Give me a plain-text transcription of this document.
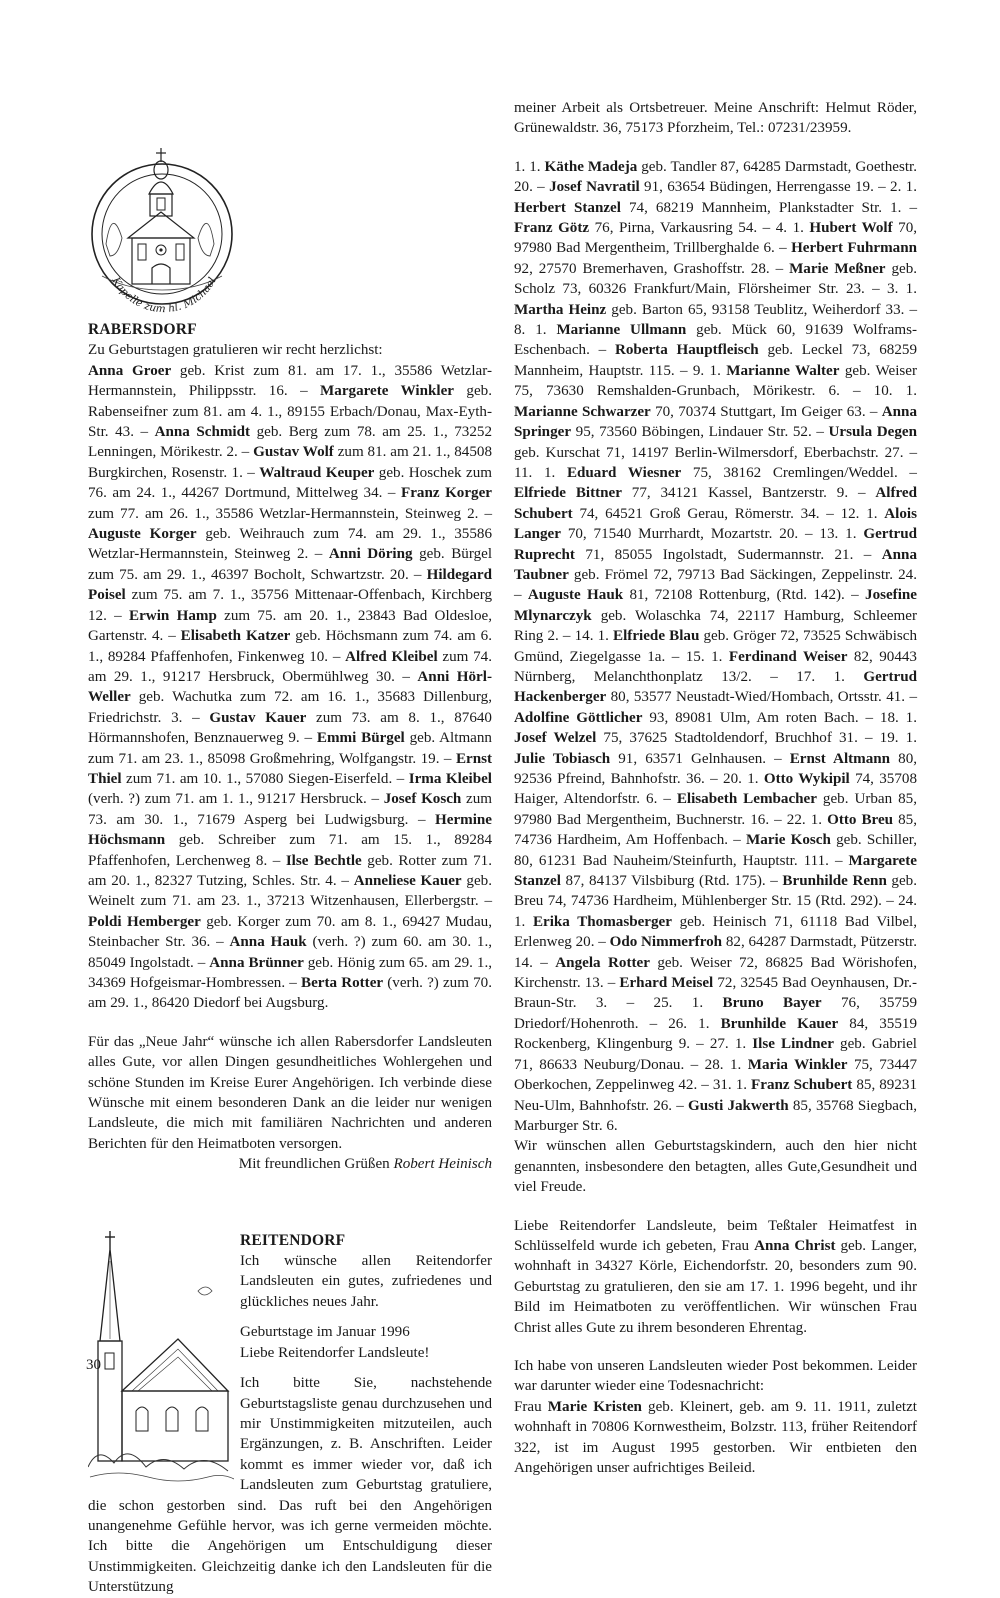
Kapelle zum hl. Michael

RABERSDORF
Zu Geburtstagen gratulieren wir recht herzlichst:
Anna Groer geb. Krist zum 81. am 17. 1., 35586 Wetzlar-Hermannstein, Philippsstr. 16. – Margarete Winkler geb. Rabenseifner zum 81. am 4. 1., 89155 Erbach/Donau, Max-Eyth-Str. 43. – Anna Schmidt geb. Berg zum 78. am 25. 1., 73252 Lenningen, Mörikestr. 2. – Gustav Wolf zum 81. am 21. 1., 84508 Burgkirchen, Rosenstr. 1. – Waltraud Keuper geb. Hoschek zum 76. am 24. 1., 44267 Dortmund, Mittelweg 34. – Franz Korger zum 77. am 26. 1., 35586 Wetzlar-Hermannstein, Steinweg 2. – Auguste Korger geb. Weihrauch zum 74. am 29. 1., 35586 Wetzlar-Hermannstein, Steinweg 2. – Anni Döring geb. Bürgel zum 75. am 29. 1., 46397 Bocholt, Schwartzstr. 20. – Hildegard Poisel zum 75. am 7. 1., 35756 Mittenaar-Offenbach, Kirchberg 12. – Erwin Hamp zum 75. am 20. 1., 23843 Bad Oldesloe, Gartenstr. 4. – Elisabeth Katzer geb. Höchsmann zum 74. am 6. 1., 89284 Pfaffenhofen, Finkenweg 10. – Alfred Kleibel zum 74. am 29. 1., 91217 Hersbruck, Obermühlweg 30. – Anni Hörl-Weller geb. Wachutka zum 72. am 16. 1., 35683 Dillenburg, Friedrichstr. 3. – Gustav Kauer zum 73. am 8. 1., 87640 Hörmannshofen, Benznauerweg 9. – Emmi Bürgel geb. Altmann zum 71. am 23. 1., 85098 Großmehring, Wolfgangstr. 19. – Ernst Thiel zum 71. am 10. 1., 57080 Siegen-Eiserfeld. – Irma Kleibel (verh. ?) zum 71. am 1. 1., 91217 Hersbruck. – Josef Kosch zum 73. am 30. 1., 71679 Asperg bei Ludwigsburg. – Hermine Höchsmann geb. Schreiber zum 71. am 15. 1., 89284 Pfaffenhofen, Lerchenweg 8. – Ilse Bechtle geb. Rotter zum 71. am 20. 1., 82327 Tutzing, Schles. Str. 4. – Anneliese Kauer geb. Weinelt zum 71. am 23. 1., 37213 Witzenhausen, Ellerbergstr. – Poldi Hemberger geb. Korger zum 70. am 8. 1., 69427 Mudau, Steinbacher Str. 36. – Anna Hauk (verh. ?) zum 60. am 30. 1., 85049 Ingolstadt. – Anna Brünner geb. Hönig zum 65. am 29. 1., 34369 Hofgeismar-Hombressen. – Berta Rotter (verh. ?) zum 70. am 29. 1., 86420 Diedorf bei Augsburg.

Für das „Neue Jahr“ wünsche ich allen Rabersdorfer Landsleuten alles Gute, vor allen Dingen gesundheitliches Wohlergehen und schöne Stunden im Kreise Eurer Angehörigen. Ich verbinde diese Wünsche mit einem besonderen Dank an die leider nur wenigen Landsleute, die mich mit familiären Nachrichten und anderen Berichten für den Heimatboten versorgen.

Mit freundlichen Grüßen Robert Heinisch

REITENDORF

Ich wünsche allen Reitendorfer Landsleuten ein gutes, zufriedenes und glückliches neues Jahr.

Geburtstage im Januar 1996

Liebe Reitendorfer Landsleute!

Ich bitte Sie, nachstehende Geburtstagsliste genau durchzusehen und mir Unstimmigkeiten mitzuteilen, auch Ergänzungen, z. B. Anschriften. Leider kommt es immer wieder vor, daß ich Landsleuten zum Geburtstag gratuliere, die schon gestorben sind. Das ruft bei den Angehörigen unangenehme Gefühle hervor, was ich gerne vermeiden möchte. Ich bitte die Angehörigen um Entschuldigung dieser Unstimmigkeiten. Gleichzeitig danke ich den Landsleuten für die Unterstützung

meiner Arbeit als Ortsbetreuer. Meine Anschrift: Helmut Röder, Grünewaldstr. 36, 75173 Pforzheim, Tel.: 07231/23959.

1. 1. Käthe Madeja geb. Tandler 87, 64285 Darmstadt, Goethestr. 20. – Josef Navratil 91, 63654 Büdingen, Herrengasse 19. – 2. 1. Herbert Stanzel 74, 68219 Mannheim, Plankstadter Str. 1. – Franz Götz 76, Pirna, Varkausring 54. – 4. 1. Hubert Wolf 70, 97980 Bad Mergentheim, Trillberghalde 6. – Herbert Fuhrmann 92, 27570 Bremerhaven, Grashoffstr. 28. – Marie Meßner geb. Scholz 73, 60326 Frankfurt/Main, Flörsheimer Str. 23. – 3. 1. Martha Heinz geb. Barton 65, 93158 Teublitz, Weiherdorf 33. – 8. 1. Marianne Ullmann geb. Mück 60, 91639 Wolframs-Eschenbach. – Roberta Hauptfleisch geb. Leckel 73, 68259 Mannheim, Hauptstr. 115. – 9. 1. Marianne Walter geb. Weiser 75, 73630 Remshalden-Grunbach, Mörikestr. 6. – 10. 1. Marianne Schwarzer 70, 70374 Stuttgart, Im Geiger 63. – Anna Springer 95, 73560 Böbingen, Lindauer Str. 52. – Ursula Degen geb. Kurschat 71, 14197 Berlin-Wilmersdorf, Eberbachstr. 27. – 11. 1. Eduard Wiesner 75, 38162 Cremlingen/Weddel. – Elfriede Bittner 77, 34121 Kassel, Bantzerstr. 9. – Alfred Schubert 74, 64521 Groß Gerau, Römerstr. 34. – 12. 1. Alois Langer 70, 71540 Murrhardt, Mozartstr. 20. – 13. 1. Gertrud Ruprecht 71, 85055 Ingolstadt, Sudermannstr. 21. – Anna Taubner geb. Frömel 72, 79713 Bad Säckingen, Zeppelinstr. 24. – Auguste Hauk 81, 72108 Rottenburg, (Rtd. 142). – Josefine Mlynarczyk geb. Wolaschka 74, 22117 Hamburg, Schleemer Ring 2. – 14. 1. Elfriede Blau geb. Gröger 72, 73525 Schwäbisch Gmünd, Ziegelgasse 1a. – 15. 1. Ferdinand Weiser 82, 90443 Nürnberg, Melanchthonplatz 13/2. – 17. 1. Gertrud Hackenberger 80, 53577 Neustadt-Wied/Hombach, Ortsstr. 41. – Adolfine Göttlicher 93, 89081 Ulm, Am roten Bach. – 18. 1. Josef Welzel 75, 37625 Stadtoldendorf, Bruchhof 31. – 19. 1. Julie Tobiasch 91, 63571 Gelnhausen. – Ernst Altmann 80, 92536 Pfreind, Bahnhofstr. 36. – 20. 1. Otto Wykipil 74, 35708 Haiger, Altendorfstr. 6. – Elisabeth Lembacher geb. Urban 85, 97980 Bad Mergentheim, Buchnerstr. 16. – 22. 1. Otto Breu 85, 74736 Hardheim, Am Hoffenbach. – Marie Kosch geb. Schiller, 80, 61231 Bad Nauheim/Steinfurth, Hauptstr. 111. – Margarete Stanzel 87, 84137 Vilsbiburg (Rtd. 175). – Brunhilde Renn geb. Breu 74, 74736 Hardheim, Mühlenberger Str. 15 (Rtd. 292). – 24. 1. Erika Thomasberger geb. Heinisch 71, 61118 Bad Vilbel, Erlenweg 20. – Odo Nimmerfroh 82, 64287 Darmstadt, Pützerstr. 14. – Angela Rotter geb. Weiser 72, 86825 Bad Wörishofen, Kirchenstr. 13. – Erhard Meisel 72, 32545 Bad Oeynhausen, Dr.-Braun-Str. 3. – 25. 1. Bruno Bayer 76, 35759 Driedorf/Hohenroth. – 26. 1. Brunhilde Kauer 84, 35519 Rockenberg, Klingenburg 9. – 27. 1. Ilse Lindner geb. Gabriel 71, 86633 Neuburg/Donau. – 28. 1. Maria Winkler 75, 73447 Oberkochen, Zeppelinweg 42. – 31. 1. Franz Schubert 85, 89231 Neu-Ulm, Bahnhofstr. 26. – Gusti Jakwerth 85, 35768 Siegbach, Marburger Str. 6.

Wir wünschen allen Geburtstagskindern, auch den hier nicht genannten, insbesondere den betagten, alles Gute,Gesundheit und viel Freude.

Liebe Reitendorfer Landsleute, beim Teßtaler Heimatfest in Schlüsselfeld wurde ich gebeten, Frau Anna Christ geb. Langer, wohnhaft in 34327 Körle, Eichendorfstr. 20, besonders zum 90. Geburtstag zu gratulieren, den sie am 17. 1. 1996 begeht, und ihr Bild im Heimatboten zu veröffentlichen. Wir wünschen Frau Christ alles Gute zu ihrem besonderen Ehrentag.

Ich habe von unseren Landsleuten wieder Post bekommen. Leider war darunter wieder eine Todesnachricht:

Frau Marie Kristen geb. Kleinert, geb. am 9. 11. 1911, zuletzt wohnhaft in 70806 Kornwestheim, Bolzstr. 113, früher Reitendorf 322, ist im August 1995 gestorben. Wir entbieten den Angehörigen unser aufrichtiges Beileid.

30
